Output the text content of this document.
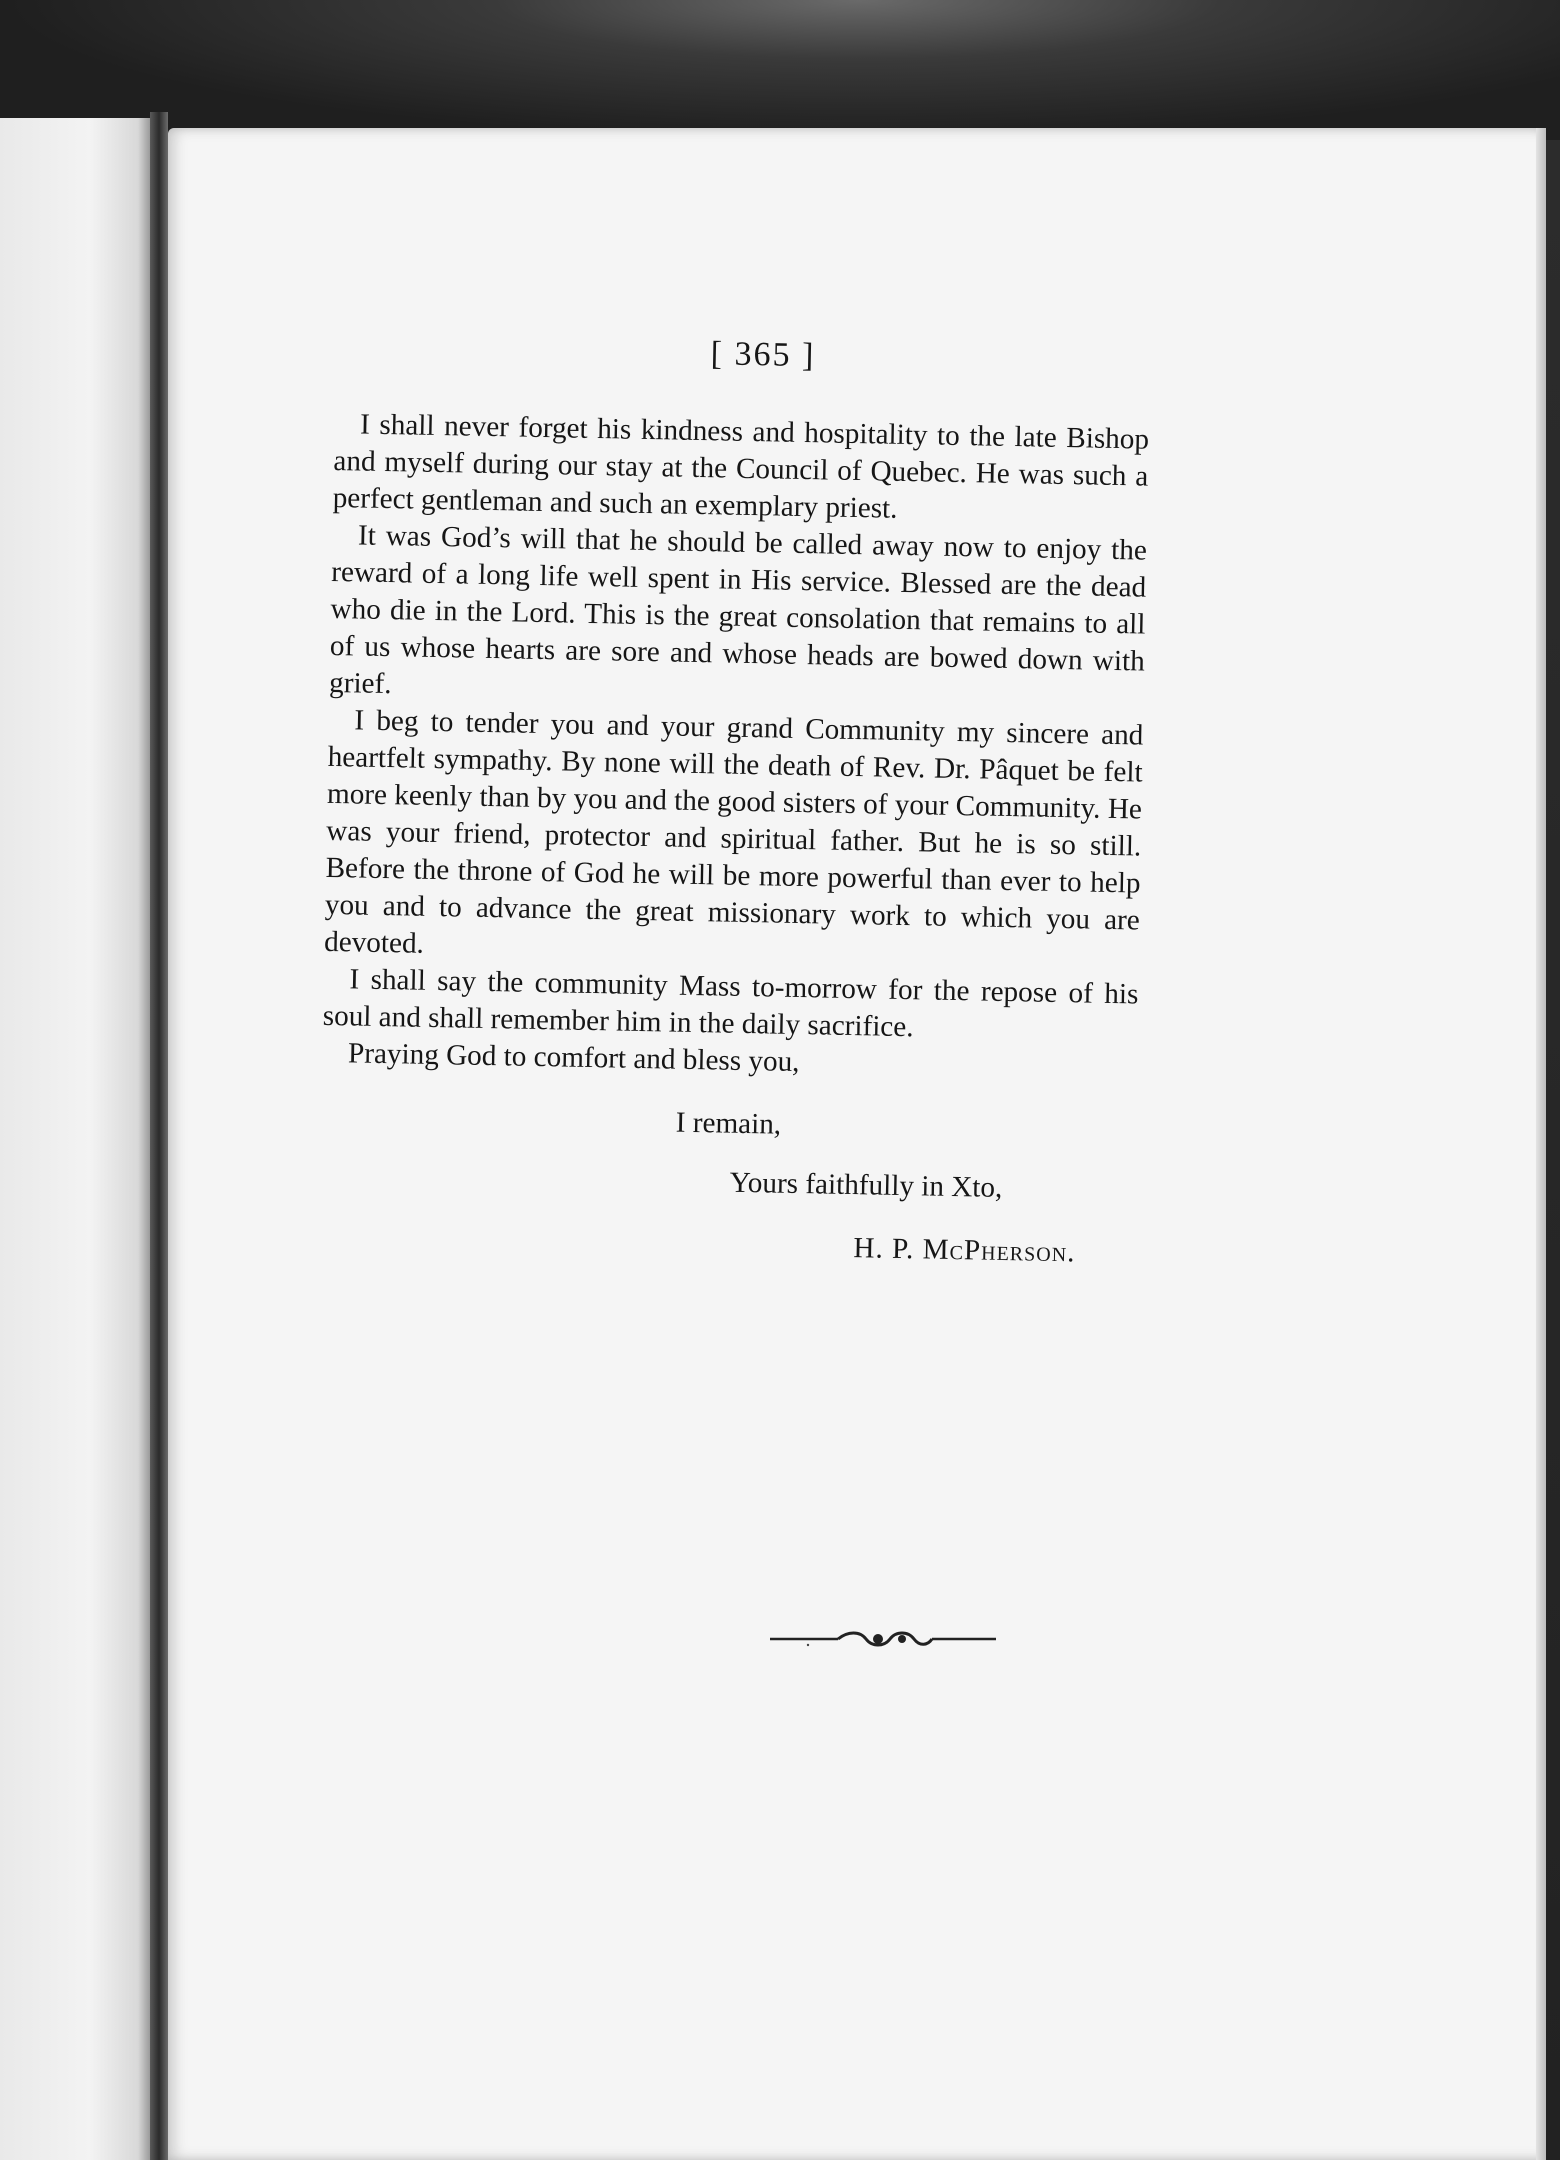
[ 365 ]

I shall never forget his kindness and hospitality to the late Bishop and myself during our stay at the Council of Quebec. He was such a perfect gentleman and such an exemplary priest.

It was God’s will that he should be called away now to enjoy the reward of a long life well spent in His service. Blessed are the dead who die in the Lord. This is the great consolation that remains to all of us whose hearts are sore and whose heads are bowed down with grief.

I beg to tender you and your grand Community my sincere and heartfelt sympathy. By none will the death of Rev. Dr. Pâquet be felt more keenly than by you and the good sisters of your Community. He was your friend, protector and spiritual father. But he is so still. Before the throne of God he will be more powerful than ever to help you and to advance the great missionary work to which you are devoted.

I shall say the community Mass to-morrow for the repose of his soul and shall remember him in the daily sacrifice.

Praying God to comfort and bless you,

I remain,
Yours faithfully in Xto,
H. P. McPherson.
